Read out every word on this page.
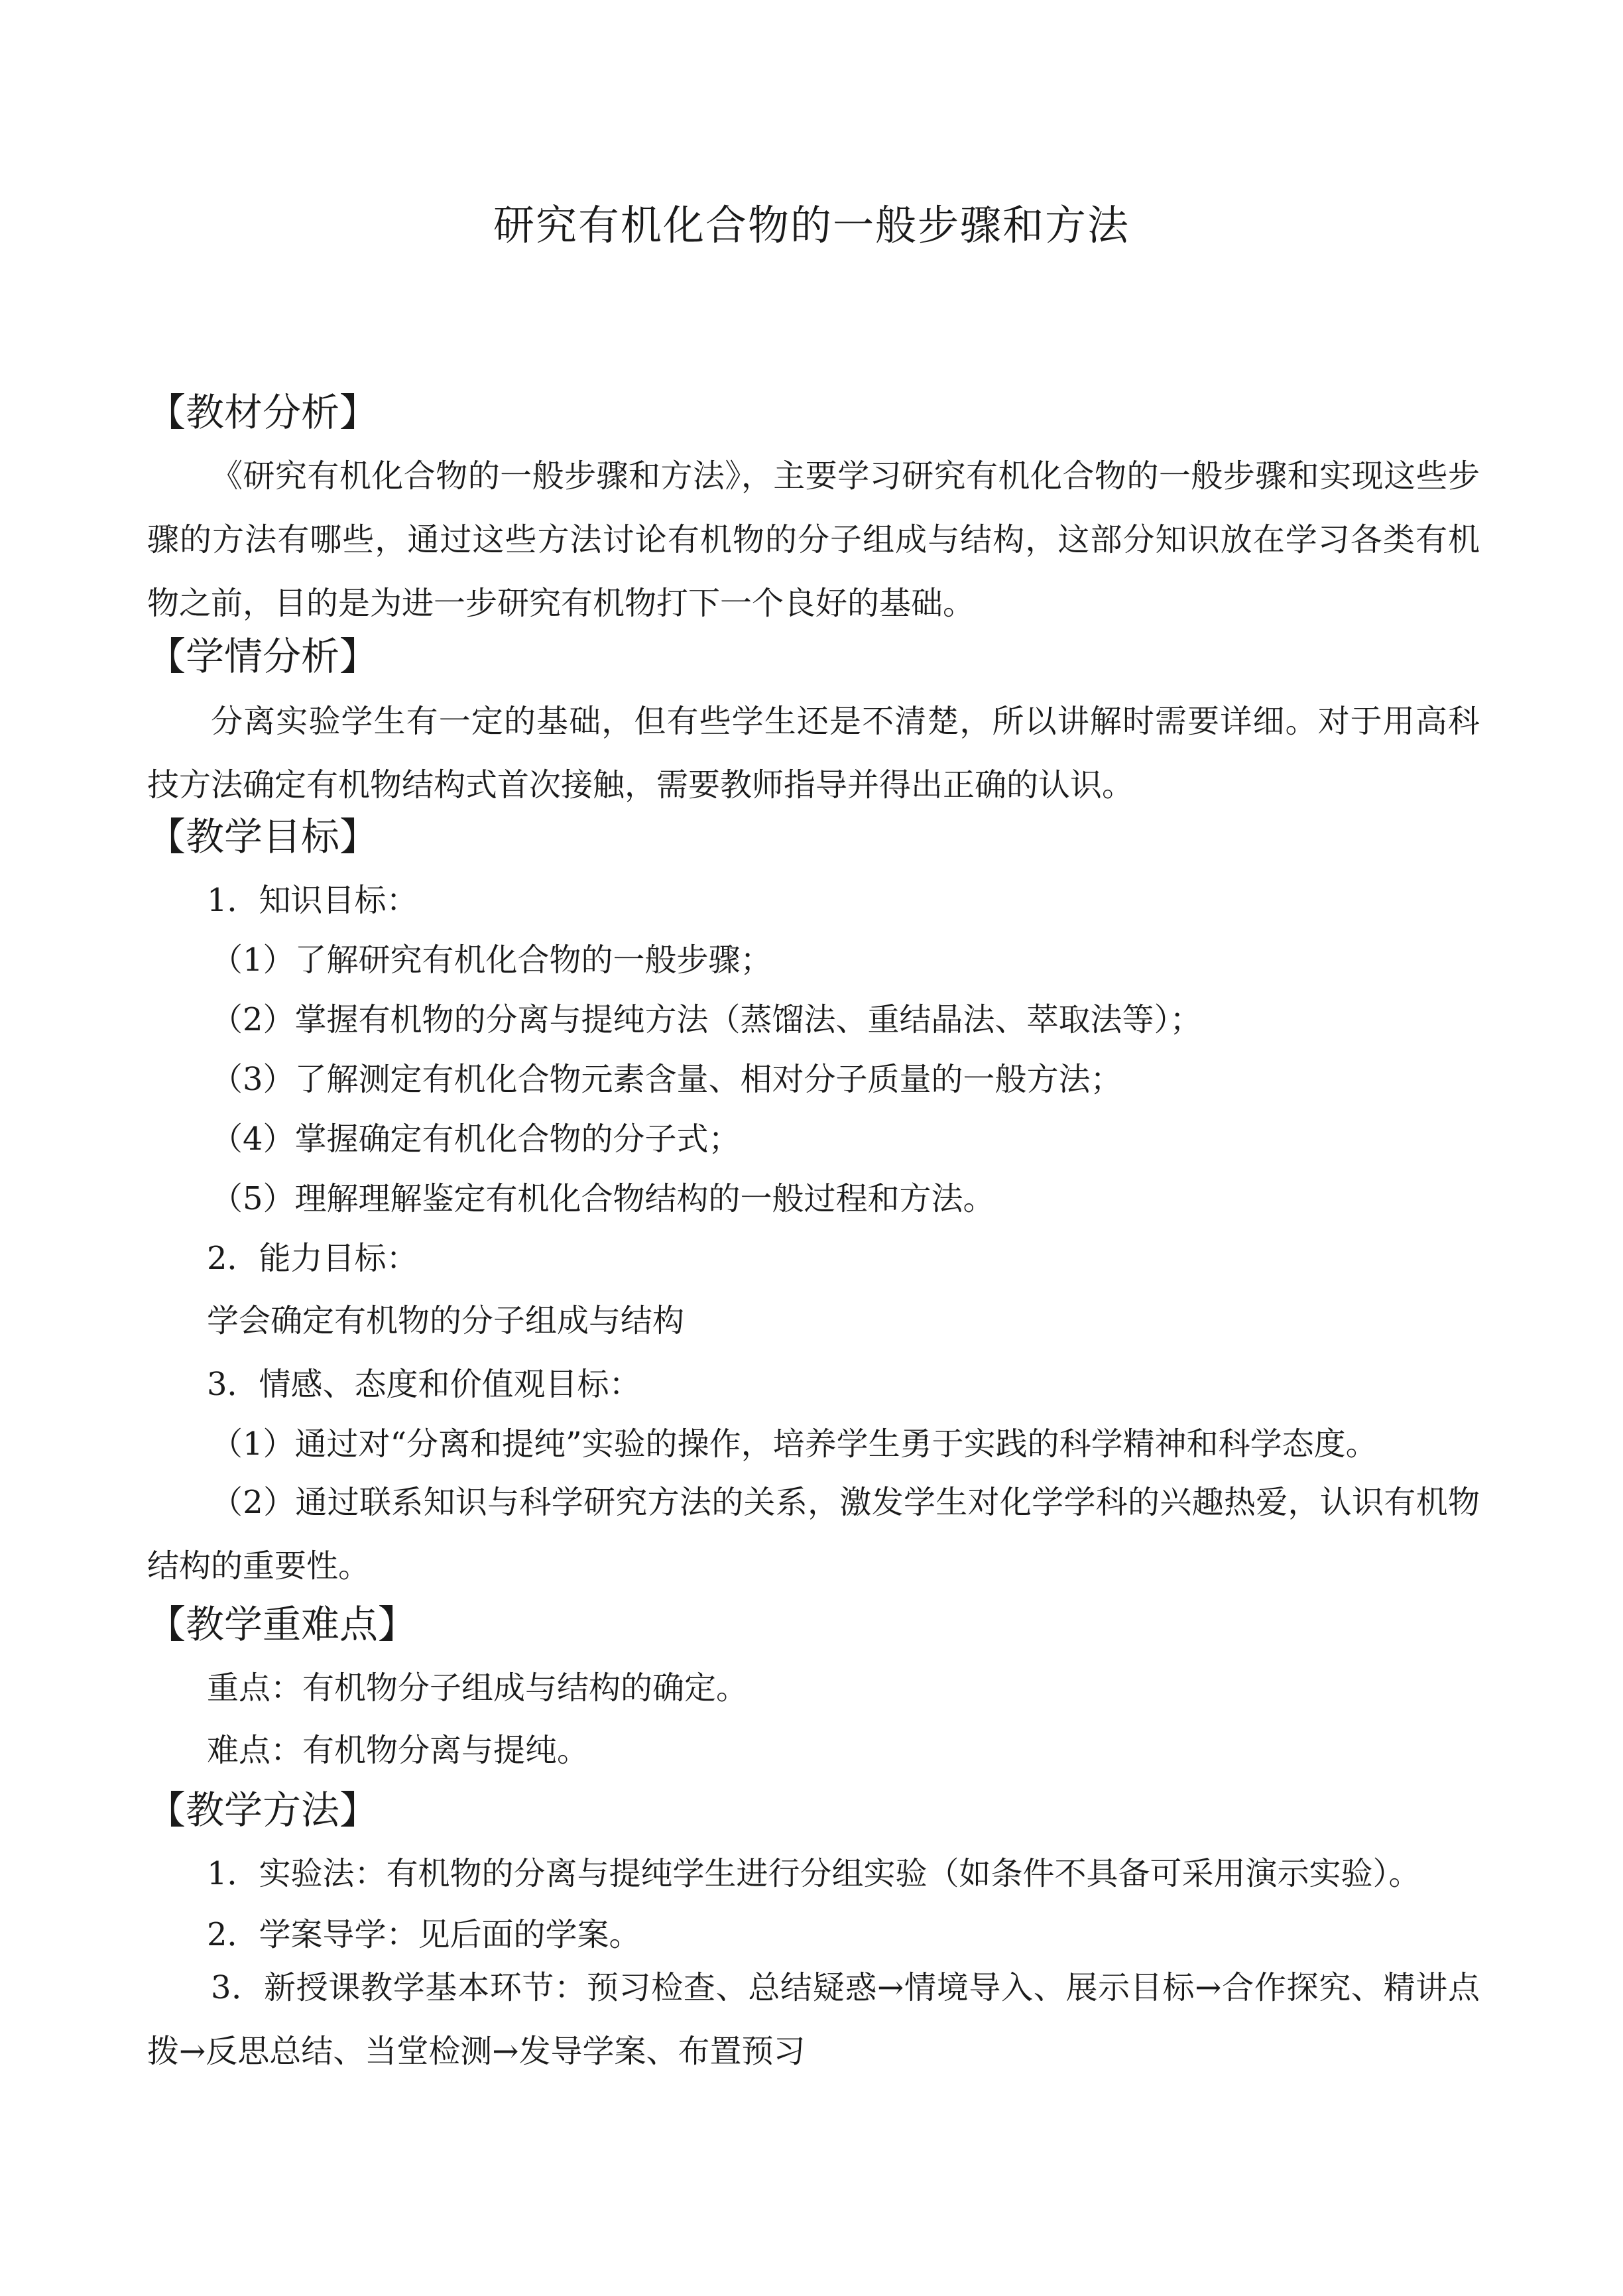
研究有机化合物的一般步骤和方法
【教材分析】
《研究有机化合物的一般步骤和方法》，主要学习研究有机化合物的一般步骤和实现这些步骤的方法有哪些，通过这些方法讨论有机物的分子组成与结构，这部分知识放在学习各类有机物之前，目的是为进一步研究有机物打下一个良好的基础。
【学情分析】
分离实验学生有一定的基础，但有些学生还是不清楚，所以讲解时需要详细。对于用高科技方法确定有机物结构式首次接触，需要教师指导并得出正确的认识。
【教学目标】
1．知识目标：
（1）了解研究有机化合物的一般步骤；
（2）掌握有机物的分离与提纯方法（蒸馏法、重结晶法、萃取法等）；
（3）了解测定有机化合物元素含量、相对分子质量的一般方法；
（4）掌握确定有机化合物的分子式；
（5）理解理解鉴定有机化合物结构的一般过程和方法。
2．能力目标：
学会确定有机物的分子组成与结构
3．情感、态度和价值观目标：
（1）通过对“分离和提纯”实验的操作，培养学生勇于实践的科学精神和科学态度。
（2）通过联系知识与科学研究方法的关系，激发学生对化学学科的兴趣热爱，认识有机物结构的重要性。
【教学重难点】
重点：有机物分子组成与结构的确定。
难点：有机物分离与提纯。
【教学方法】
1．实验法：有机物的分离与提纯学生进行分组实验（如条件不具备可采用演示实验）。
2．学案导学：见后面的学案。
3．新授课教学基本环节：预习检查、总结疑惑→情境导入、展示目标→合作探究、精讲点拨→反思总结、当堂检测→发导学案、布置预习
